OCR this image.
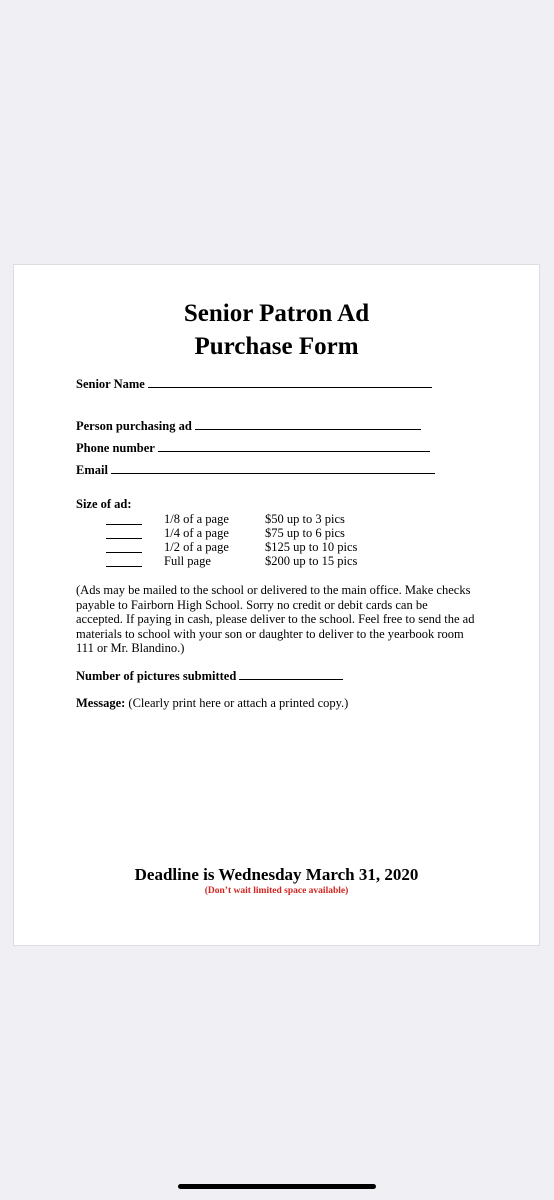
Senior Patron Ad
Purchase Form
Senior Name
Person purchasing ad
Phone number
Email
Size of ad:
1/8 of a page	$50 up to 3 pics
1/4 of a page	$75 up to 6 pics
1/2 of a page	$125 up to 10 pics
Full page	$200 up to 15 pics
(Ads may be mailed to the school or delivered to the main office. Make checks payable to Fairborn High School. Sorry no credit or debit cards can be accepted. If paying in cash, please deliver to the school. Feel free to send the ad materials to school with your son or daughter to deliver to the yearbook room 111 or Mr. Blandino.)
Number of pictures submitted
Message: (Clearly print here or attach a printed copy.)
Deadline is Wednesday March 31, 2020
(Don’t wait limited space available)
